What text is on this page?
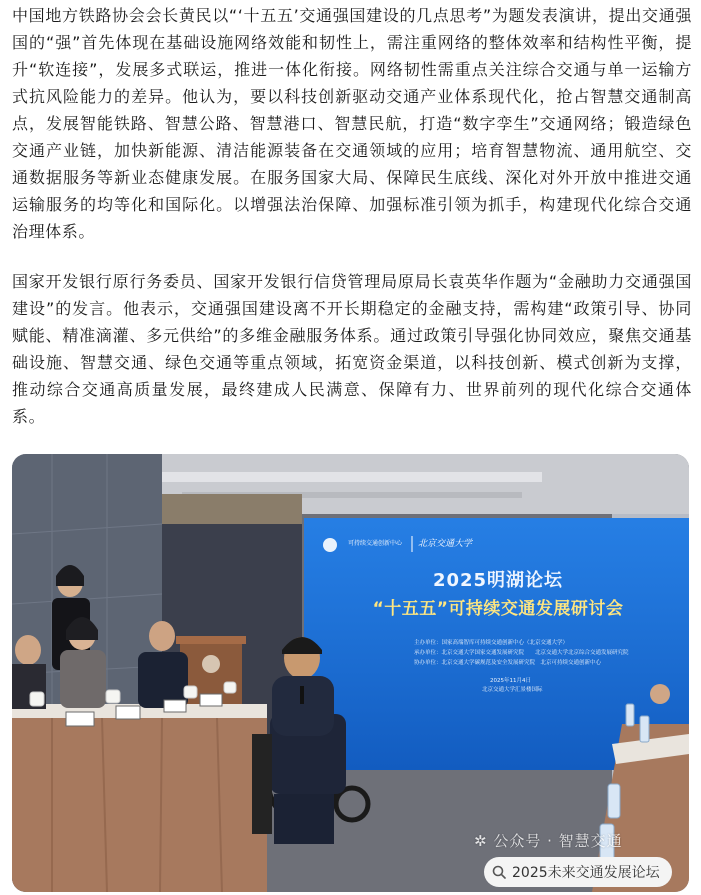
中国地方铁路协会会长黄民以“‘十五五’交通强国建设的几点思考”为题发表演讲，提出交通强国的“强”首先体现在基础设施网络效能和韧性上，需注重网络的整体效率和结构性平衡，提升“软连接”，发展多式联运，推进一体化衔接。网络韧性需重点关注综合交通与单一运输方式抗风险能力的差异。他认为，要以科技创新驱动交通产业体系现代化，抢占智慧交通制高点，发展智能铁路、智慧公路、智慧港口、智慧民航，打造“数字孪生”交通网络；锻造绿色交通产业链，加快新能源、清洁能源装备在交通领域的应用；培育智慧物流、通用航空、交通数据服务等新业态健康发展。在服务国家大局、保障民生底线、深化对外开放中推进交通运输服务的均等化和国际化。以增强法治保障、加强标准引领为抓手，构建现代化综合交通治理体系。

国家开发银行原行务委员、国家开发银行信贷管理局原局长袁英华作题为“金融助力交通强国建设”的发言。他表示，交通强国建设离不开长期稳定的金融支持，需构建“政策引导、协同赋能、精准滴灌、多元供给”的多维金融服务体系。通过政策引导强化协同效应，聚焦交通基础设施、智慧交通、绿色交通等重点领域，拓宽资金渠道，以科技创新、模式创新为支撑，推动综合交通高质量发展，最终建成人民满意、保障有力、世界前列的现代化综合交通体系。

可持续交通创新中心 北京交通大学
2025明湖论坛
“十五五”可持续交通发展研讨会
主办单位：国家高端智库可持续交通创新中心（北京交通大学）
承办单位：北京交通大学国家交通发展研究院　　北京交通大学北京综合交通发展研究院
协办单位：北京交通大学碳规范及安全发展研究院　北京可持续交通创新中心
2025年11月4日
北京交通大学汇景楼国际
✲ 公众号 · 智慧交通
2025未来交通发展论坛
